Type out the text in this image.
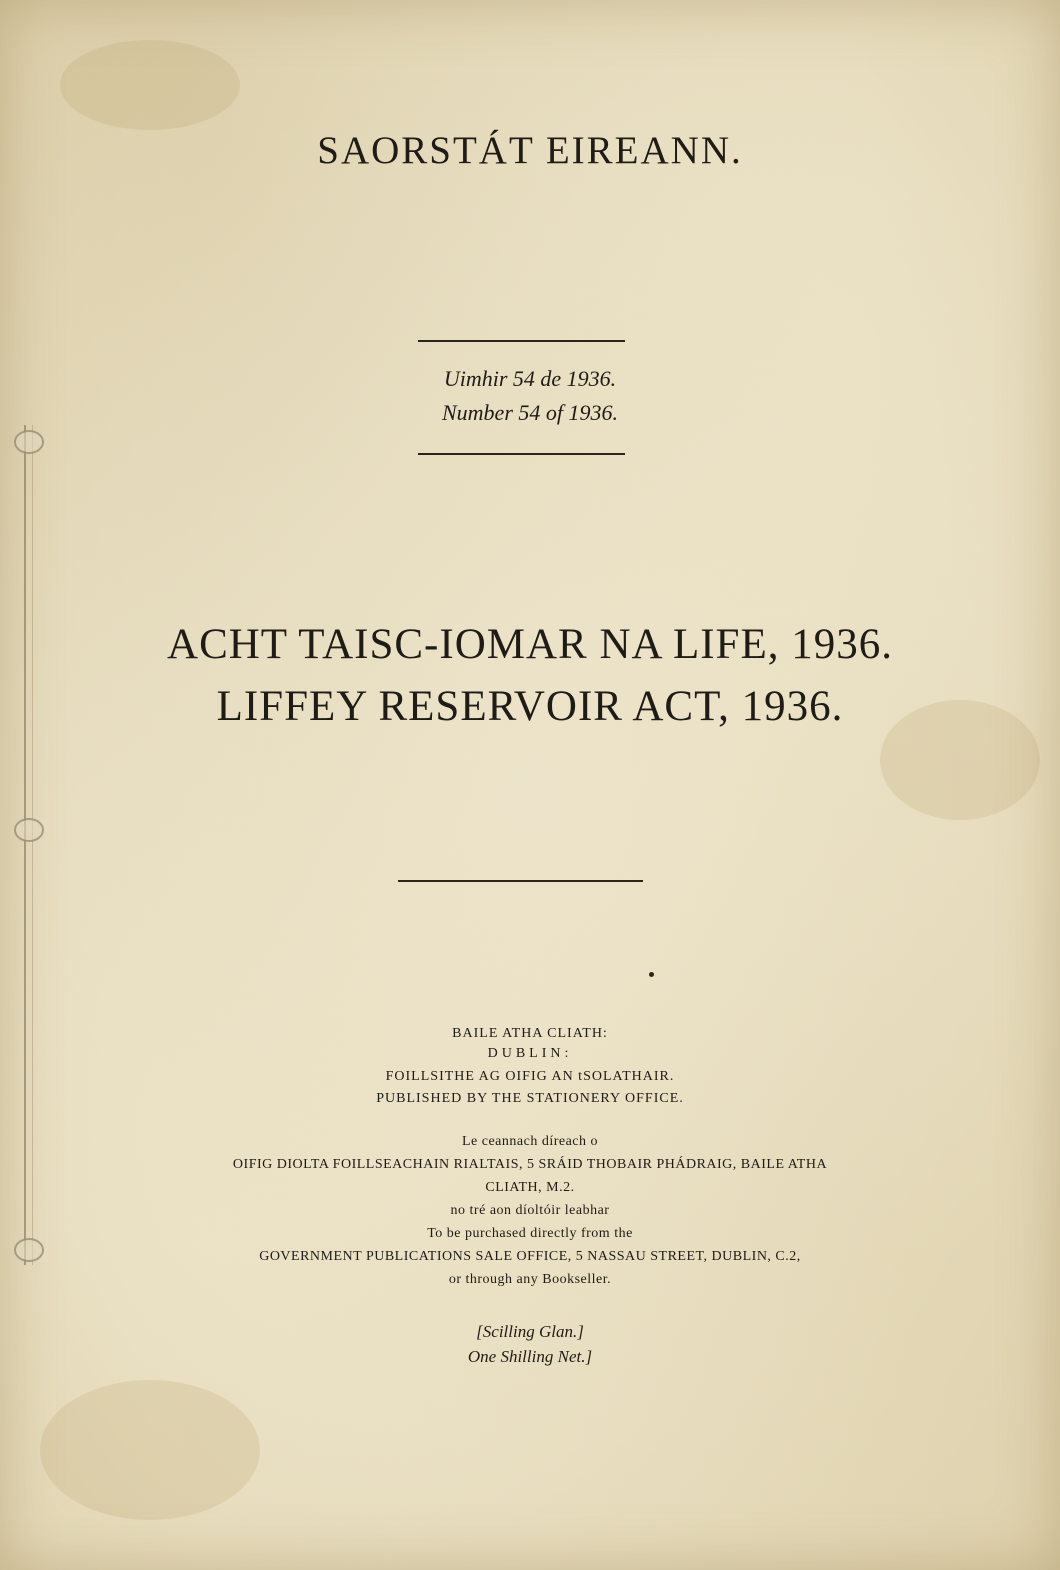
SAORSTÁT EIREANN.
Uimhir 54 de 1936.
Number 54 of 1936.
ACHT TAISC-IOMAR NA LIFE, 1936.
LIFFEY RESERVOIR ACT, 1936.
BAILE ATHA CLIATH:
DUBLIN:
FOILLSITHE AG OIFIG AN tSOLATHAIR.
PUBLISHED BY THE STATIONERY OFFICE.
Le ceannach díreach o
OIFIG DIOLTA FOILLSEACHAIN RIALTAIS, 5 SRÁID THOBAIR PHÁDRAIG, BAILE ATHA
CLIATH, M.2.
no tré aon díoltóir leabhar
To be purchased directly from the
GOVERNMENT PUBLICATIONS SALE OFFICE, 5 NASSAU STREET, DUBLIN, C.2,
or through any Bookseller.
[Scilling Glan.]
One Shilling Net.]
